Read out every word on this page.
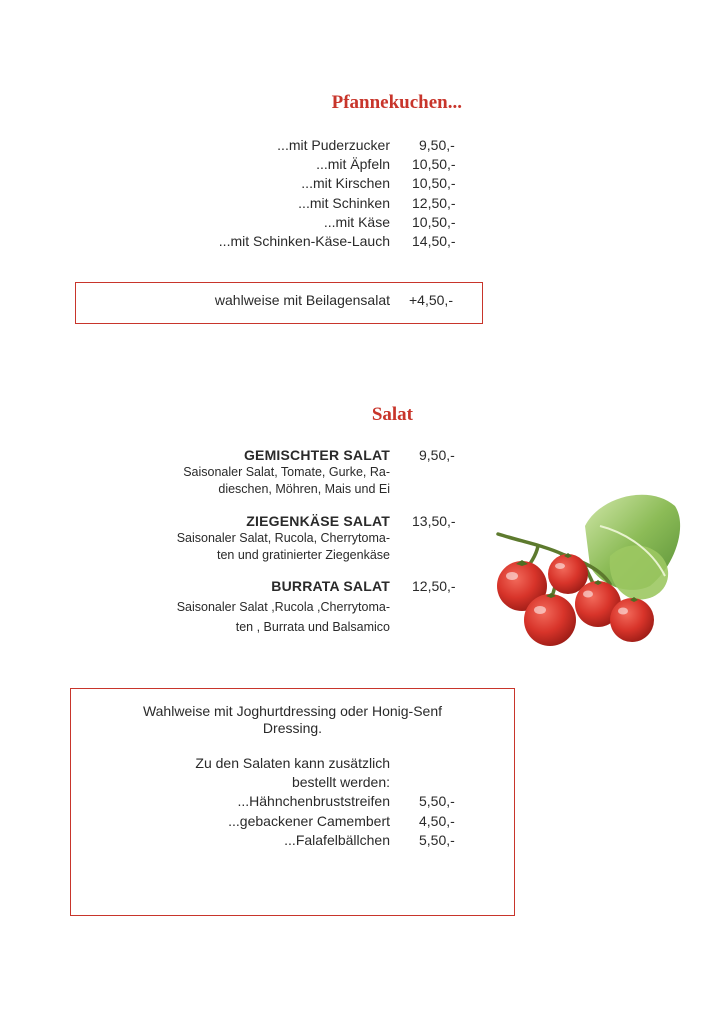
Pfannekuchen...
...mit Puderzucker 9,50,-
...mit Äpfeln 10,50,-
...mit Kirschen 10,50,-
...mit Schinken 12,50,-
...mit Käse 10,50,-
...mit Schinken-Käse-Lauch 14,50,-
wahlweise mit Beilagensalat +4,50,-
Salat
GEMISCHTER SALAT 9,50,-
Saisonaler Salat, Tomate, Gurke, Ra-
dieschen, Möhren, Mais und Ei
ZIEGENKÄSE SALAT 13,50,-
Saisonaler Salat, Rucola, Cherrytoma-
ten und gratinierter Ziegenkäse
BURRATA SALAT 12,50,-
Saisonaler Salat ,Rucola ,Cherrytoma-
ten , Burrata und Balsamico
Wahlweise mit Joghurtdressing oder Honig-Senf
Dressing.
Zu den Salaten kann zusätzlich
bestellt werden:
...Hähnchenbruststreifen 5,50,-
...gebackener Camembert 4,50,-
...Falafelbällchen 5,50,-
